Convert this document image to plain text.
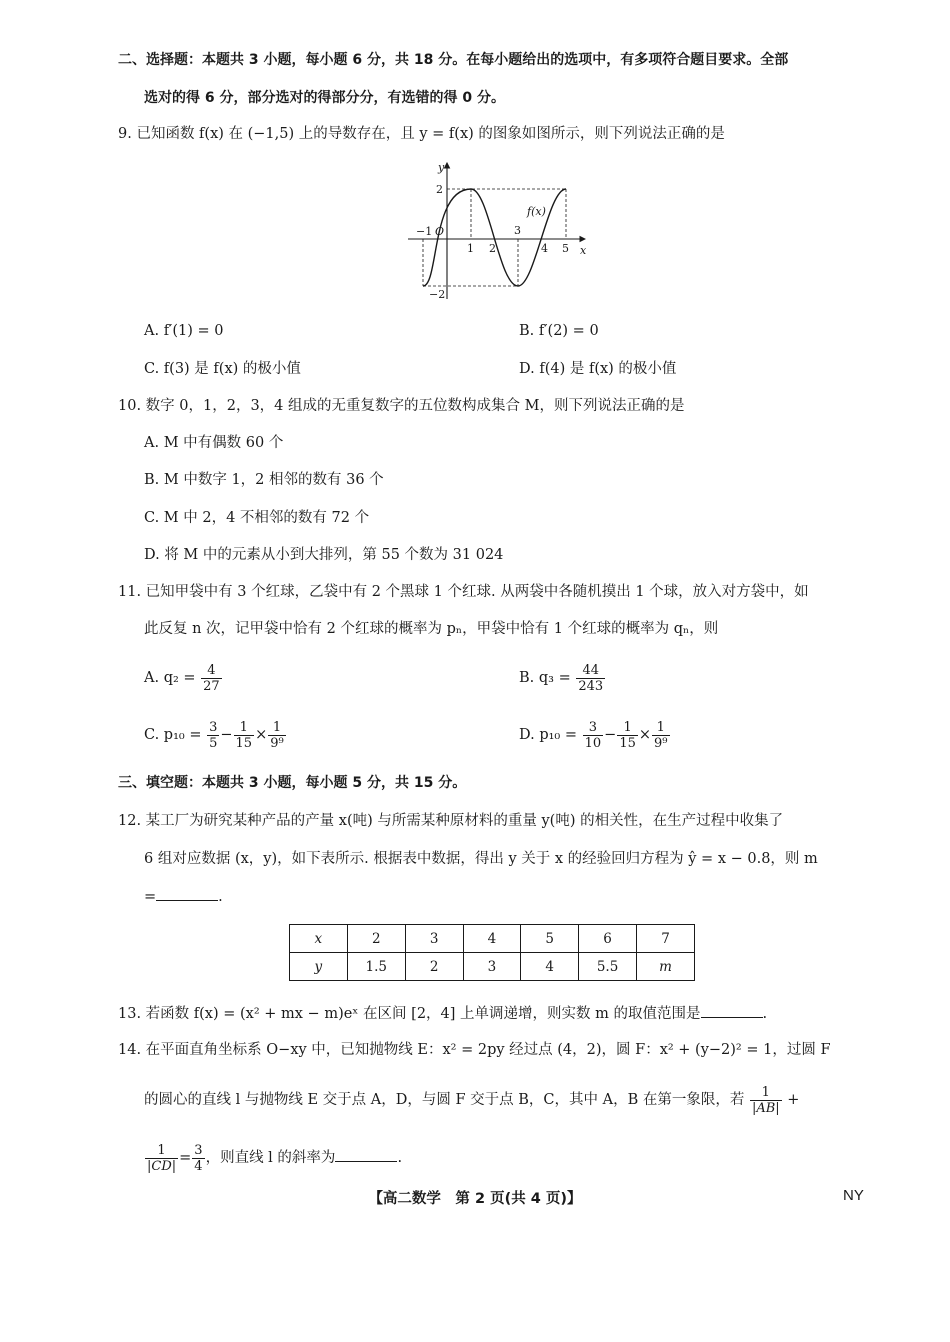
二、选择题：本题共 3 小题，每小题 6 分，共 18 分。在每小题给出的选项中，有多项符合题目要求。全部
选对的得 6 分，部分选对的得部分分，有选错的得 0 分。
9. 已知函数 f(x) 在 (−1,5) 上的导数存在，且 y = f(x) 的图象如图所示，则下列说法正确的是
y
x
2
−2
−1 O
1 2
3
4 5
f(x)
A. f′(1) = 0	B. f′(2) = 0
C. f(3) 是 f(x) 的极小值	D. f(4) 是 f(x) 的极小值
10. 数字 0，1，2，3，4 组成的无重复数字的五位数构成集合 M，则下列说法正确的是
A. M 中有偶数 60 个
B. M 中数字 1，2 相邻的数有 36 个
C. M 中 2，4 不相邻的数有 72 个
D. 将 M 中的元素从小到大排列，第 55 个数为 31 024
11. 已知甲袋中有 3 个红球，乙袋中有 2 个黑球 1 个红球. 从两袋中各随机摸出 1 个球，放入对方袋中，如
此反复 n 次，记甲袋中恰有 2 个红球的概率为 pₙ，甲袋中恰有 1 个红球的概率为 qₙ，则
A. $q_2 = \frac{4}{27}$	B. $q_3 = \frac{44}{243}$
C. $p_{10} = \frac{3}{5} - \frac{1}{15} \times \frac{1}{\text{9⁹}}$	D. $p_{10} = \frac{3}{10} - \frac{1}{15} \times \frac{1}{\text{9⁹}}$
三、填空题：本题共 3 小题，每小题 5 分，共 15 分。
12. 某工厂为研究某种产品的产量 x(吨) 与所需某种原材料的重量 y(吨) 的相关性，在生产过程中收集了
6 组对应数据 (x，y)，如下表所示. 根据表中数据，得出 y 关于 x 的经验回归方程为 ŷ = x − 0.8，则 m
=	.
x	2	3	4	5	6	7
y	1.5	2	3	4	5.5	m
13. 若函数 f(x) = (x² + mx − m)eˣ 在区间 [2，4] 上单调递增，则实数 m 的取值范围是	.
14. 在平面直角坐标系 O−xy 中，已知抛物线 E：x² = 2py 经过点 (4，2)，圆 F：x² + (y−2)² = 1，过圆 F
的圆心的直线 l 与抛物线 E 交于点 A，D，与圆 F 交于点 B，C，其中 A，B 在第一象限，若 $\frac{1}{|AB|}$ +
$\frac{1}{|CD|} = \frac{3}{4}$ ，则直线 l 的斜率为	.
【高二数学　第 2 页(共 4 页)】	NY
